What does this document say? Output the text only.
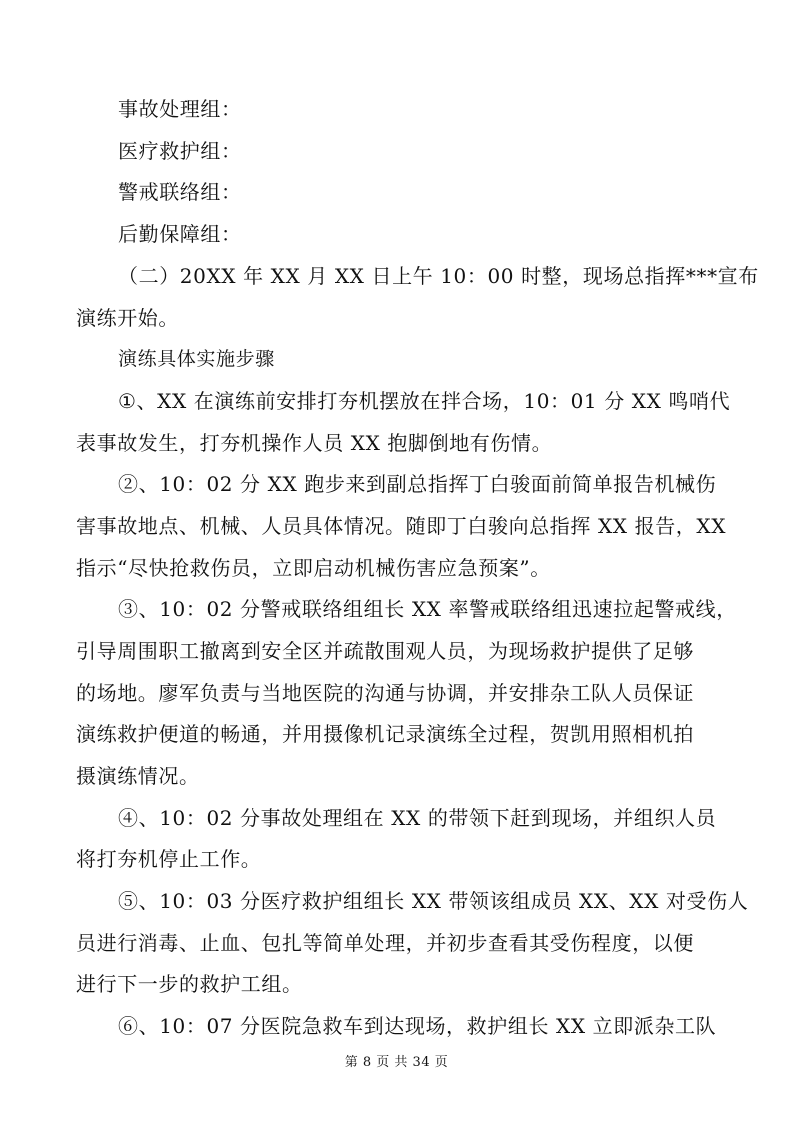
事故处理组：
医疗救护组：
警戒联络组：
后勤保障组：
（二）20XX 年 XX 月 XX 日上午 10：00 时整，现场总指挥***宣布
演练开始。
演练具体实施步骤
①、XX 在演练前安排打夯机摆放在拌合场，10：01 分 XX 鸣哨代
表事故发生，打夯机操作人员 XX 抱脚倒地有伤情。
②、10：02 分 XX 跑步来到副总指挥丁白骏面前简单报告机械伤
害事故地点、机械、人员具体情况。随即丁白骏向总指挥 XX 报告，XX
指示“尽快抢救伤员，立即启动机械伤害应急预案”。
③、10：02 分警戒联络组组长 XX 率警戒联络组迅速拉起警戒线，
引导周围职工撤离到安全区并疏散围观人员，为现场救护提供了足够
的场地。廖军负责与当地医院的沟通与协调，并安排杂工队人员保证
演练救护便道的畅通，并用摄像机记录演练全过程，贺凯用照相机拍
摄演练情况。
④、10：02 分事故处理组在 XX 的带领下赶到现场，并组织人员
将打夯机停止工作。
⑤、10：03 分医疗救护组组长 XX 带领该组成员 XX、XX 对受伤人
员进行消毒、止血、包扎等简单处理，并初步查看其受伤程度，以便
进行下一步的救护工组。
⑥、10：07 分医院急救车到达现场，救护组长 XX 立即派杂工队
第 8 页 共 34 页
